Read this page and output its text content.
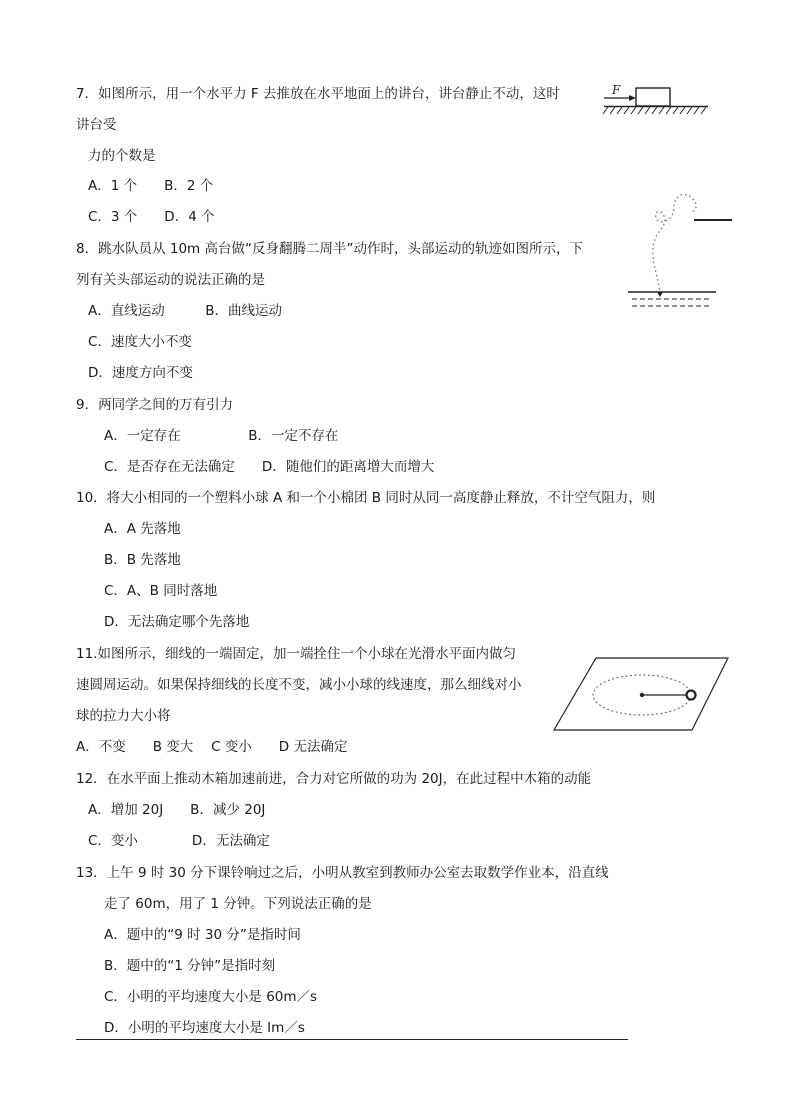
7．如图所示，用一个水平力 F 去推放在水平地面上的讲台，讲台静止不动，这时
讲台受
力的个数是
A．1 个　　B．2 个
C．3 个　　D．4 个
F
8．跳水队员从 10m 高台做“反身翻腾二周半”动作时，头部运动的轨迹如图所示，下
列有关头部运动的说法正确的是
A．直线运动　　　B．曲线运动
C．速度大小不变
D．速度方向不变
9．两同学之间的万有引力
A．一定存在　　　　　B．一定不存在
C．是否存在无法确定　　D．随他们的距离增大而增大
10．将大小相同的一个塑料小球 A 和一个小棉团 B 同时从同一高度静止释放，不计空气阻力，则
A．A 先落地
B．B 先落地
C．A、B 同时落地
D．无法确定哪个先落地
11.如图所示，细线的一端固定，加一端拴住一个小球在光滑水平面内做匀
速圆周运动。如果保持细线的长度不变，减小小球的线速度，那么细线对小
球的拉力大小将
A．不变　　B 变大　 C 变小　　D 无法确定
12．在水平面上推动木箱加速前进，合力对它所做的功为 20J，在此过程中木箱的动能
A．增加 20J　　B．减少 20J
C．变小　　　　D．无法确定
13．上午 9 时 30 分下课铃响过之后，小明从教室到教师办公室去取数学作业本，沿直线
走了 60m，用了 1 分钟。下列说法正确的是
A．题中的“9 时 30 分”是指时间
B．题中的“1 分钟”是指时刻
C．小明的平均速度大小是 60m／s
D．小明的平均速度大小是 Im／s
